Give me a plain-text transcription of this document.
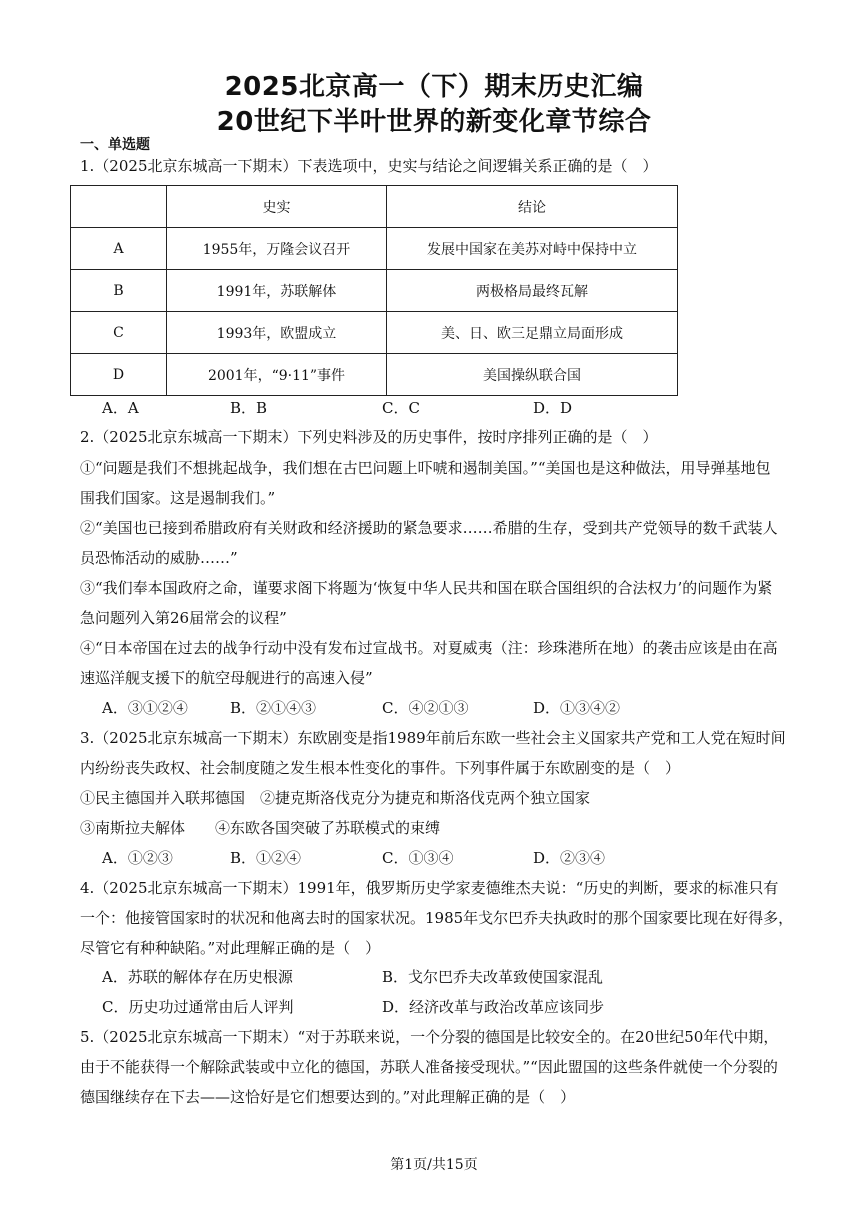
2025北京高一（下）期末历史汇编
20世纪下半叶世界的新变化章节综合
一、单选题
1.（2025北京东城高一下期末）下表选项中，史实与结论之间逻辑关系正确的是（　）
	史实	结论
A	1955年，万隆会议召开	发展中国家在美苏对峙中保持中立
B	1991年，苏联解体	两极格局最终瓦解
C	1993年，欧盟成立	美、日、欧三足鼎立局面形成
D	2001年，“9·11”事件	美国操纵联合国
A．A	B．B	C．C	D．D
2.（2025北京东城高一下期末）下列史料涉及的历史事件，按时序排列正确的是（　）
①“问题是我们不想挑起战争，我们想在古巴问题上吓唬和遏制美国。”“美国也是这种做法，用导弹基地包
围我们国家。这是遏制我们。”
②“美国也已接到希腊政府有关财政和经济援助的紧急要求……希腊的生存，受到共产党领导的数千武装人
员恐怖活动的威胁……”
③“我们奉本国政府之命，谨要求阁下将题为‘恢复中华人民共和国在联合国组织的合法权力’的问题作为紧
急问题列入第26届常会的议程”
④“日本帝国在过去的战争行动中没有发布过宣战书。对夏威夷（注：珍珠港所在地）的袭击应该是由在高
速巡洋舰支援下的航空母舰进行的高速入侵”
A．③①②④	B．②①④③	C．④②①③	D．①③④②
3.（2025北京东城高一下期末）东欧剧变是指1989年前后东欧一些社会主义国家共产党和工人党在短时间
内纷纷丧失政权、社会制度随之发生根本性变化的事件。下列事件属于东欧剧变的是（　）
①民主德国并入联邦德国　②捷克斯洛伐克分为捷克和斯洛伐克两个独立国家
③南斯拉夫解体　　④东欧各国突破了苏联模式的束缚
A．①②③	B．①②④	C．①③④	D．②③④
4.（2025北京东城高一下期末）1991年，俄罗斯历史学家麦德维杰夫说：“历史的判断，要求的标准只有
一个：他接管国家时的状况和他离去时的国家状况。1985年戈尔巴乔夫执政时的那个国家要比现在好得多，
尽管它有种种缺陷。”对此理解正确的是（　）
A．苏联的解体存在历史根源	B．戈尔巴乔夫改革致使国家混乱
C．历史功过通常由后人评判	D．经济改革与政治改革应该同步
5.（2025北京东城高一下期末）“对于苏联来说，一个分裂的德国是比较安全的。在20世纪50年代中期，
由于不能获得一个解除武装或中立化的德国，苏联人准备接受现状。”“因此盟国的这些条件就使一个分裂的
德国继续存在下去——这恰好是它们想要达到的。”对此理解正确的是（　）
第1页/共15页
